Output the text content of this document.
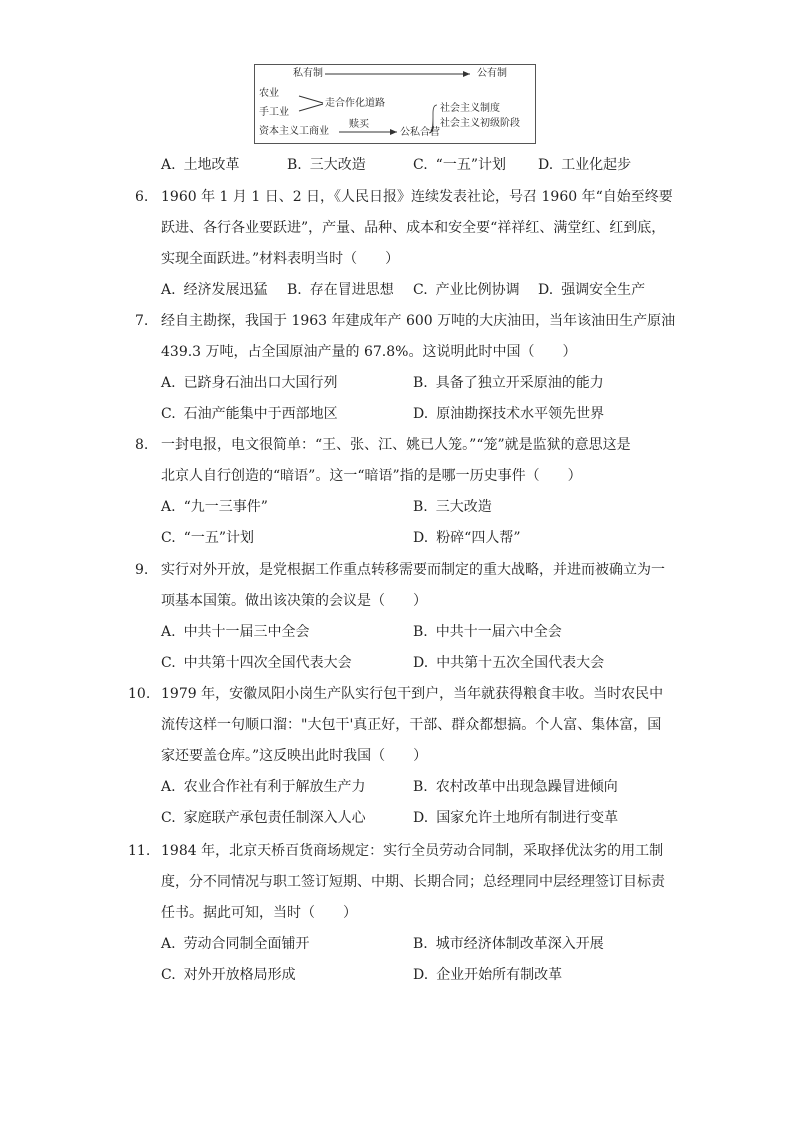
私有制	公有制
农业
手工业
走合作化道路
资本主义工商业
赎买
公私合营
社会主义制度
社会主义初级阶段
A. 土地改革	B. 三大改造	C. “一五”计划 D. 工业化起步
6. 1960 年 1 月 1 日、2 日，《人民日报》连续发表社论，号召 1960 年“自始至终要
跃进、各行各业要跃进”，产量、品种、成本和安全要“祥祥红、满堂红、红到底，
实现全面跃进。”材料表明当时（　　）
A. 经济发展迅猛 B. 存在冒进思想 C. 产业比例协调 D. 强调安全生产
7. 经自主勘探，我国于 1963 年建成年产 600 万吨的大庆油田，当年该油田生产原油
439.3 万吨，占全国原油产量的 67.8%。这说明此时中国（　　）
A. 已跻身石油出口大国行列	B. 具备了独立开采原油的能力
C. 石油产能集中于西部地区	D. 原油勘探技术水平领先世界
8. 一封电报，电文很简单：“王、张、江、姚已人笼。”“笼”就是监狱的意思这是
北京人自行创造的“暗语”。这一“暗语”指的是哪一历史事件（　　）
A. “九一三事件”	B. 三大改造
C. “一五”计划	D. 粉碎“四人帮”
9. 实行对外开放，是党根据工作重点转移需要而制定的重大战略，并进而被确立为一
项基本国策。做出该决策的会议是（　　）
A. 中共十一届三中全会	B. 中共十一届六中全会
C. 中共第十四次全国代表大会	D. 中共第十五次全国代表大会
10. 1979 年，安徽凤阳小岗生产队实行包干到户，当年就获得粮食丰收。当时农民中
流传这样一句顺口溜："大包干'真正好，干部、群众都想搞。个人富、集体富，国
家还要盖仓库。”这反映出此时我国（　　）
A. 农业合作社有利于解放生产力	B. 农村改革中出现急躁冒进倾向
C. 家庭联产承包责任制深入人心	D. 国家允许土地所有制进行变革
11. 1984 年，北京天桥百货商场规定：实行全员劳动合同制，采取择优汰劣的用工制
度，分不同情况与职工签订短期、中期、长期合同；总经理同中层经理签订目标责
任书。据此可知，当时（　　）
A. 劳动合同制全面铺开	B. 城市经济体制改革深入开展
C. 对外开放格局形成	D. 企业开始所有制改革
